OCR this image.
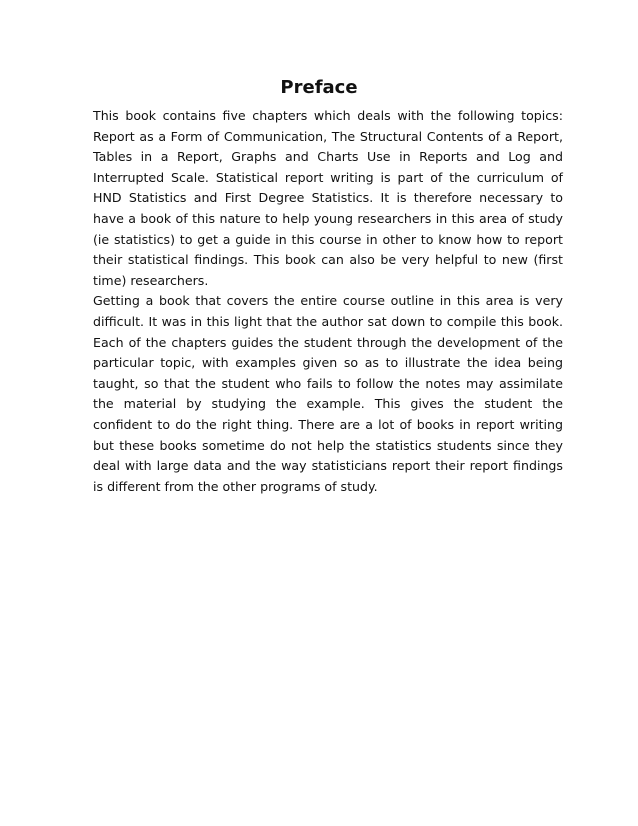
Preface

This book contains five chapters which deals with the following topics: Report as a Form of Communication, The Structural Contents of a Report, Tables in a Report, Graphs and Charts Use in Reports and Log and Interrupted Scale. Statistical report writing is part of the curriculum of HND Statistics and First Degree Statistics. It is therefore necessary to have a book of this nature to help young researchers in this area of study (ie statistics) to get a guide in this course in other to know how to report their statistical findings. This book can also be very helpful to new (first time) researchers.

Getting a book that covers the entire course outline in this area is very difficult. It was in this light that the author sat down to compile this book. Each of the chapters guides the student through the development of the particular topic, with examples given so as to illustrate the idea being taught, so that the student who fails to follow the notes may assimilate the material by studying the example. This gives the student the confident to do the right thing. There are a lot of books in report writing but these books sometime do not help the statistics students since they deal with large data and the way statisticians report their report findings is different from the other programs of study.
